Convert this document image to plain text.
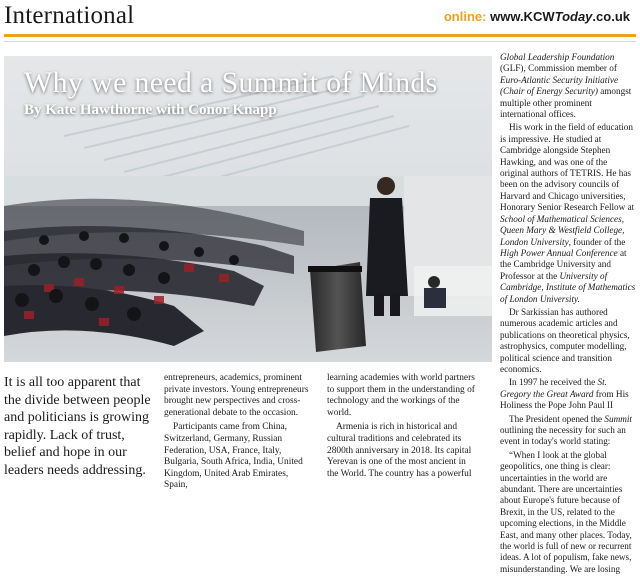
International	online: www.KCWToday.co.uk
Why we need a Summit of Minds
By Kate Hawthorne with Conor Knapp

Global Leadership Foundation (GLF), Commission member of Euro-Atlantic Security Initiative (Chair of Energy Security) amongst multiple other prominent international offices.

His work in the field of education is impressive. He studied at Cambridge alongside Stephen Hawking, and was one of the original authors of TETRIS. He has been on the advisory councils of Harvard and Chicago universities, Honorary Senior Research Fellow at School of Mathematical Sciences, Queen Mary & Westfield College, London University, founder of the High Power Annual Conference at the Cambridge University and Professor at the University of Cambridge, Institute of Mathematics of London University.

Dr Sarkissian has authored numerous academic articles and publications on theoretical physics, astrophysics, computer modelling, political science and transition economics.

In 1997 he received the St. Gregory the Great Award from His Holiness the Pope John Paul II

The President opened the Summit outlining the necessity for such an event in today's world stating:

“When I look at the global geopolitics, one thing is clear: uncertainties in the world are abundant. There are uncertainties about Europe's future because of Brexit, in the US, related to the upcoming elections, in the Middle East, and many other places. Today, the world is full of new or recurrent ideas. A lot of populism, fake news, misunderstanding. We are losing

It is all too apparent that the divide between people and politicians is growing rapidly. Lack of trust, belief and hope in our leaders needs addressing.

entrepreneurs, academics, prominent private investors. Young entrepreneurs brought new perspectives and cross-generational debate to the occasion.

Participants came from China, Switzerland, Germany, Russian Federation, USA, France, Italy, Bulgaria, South Africa, India, United Kingdom, United Arab Emirates, Spain,

learning academies with world partners to support them in the understanding of technology and the workings of the world.

Armenia is rich in historical and cultural traditions and celebrated its 2800th anniversary in 2018. Its capital Yerevan is one of the most ancient in the World. The country has a powerful
